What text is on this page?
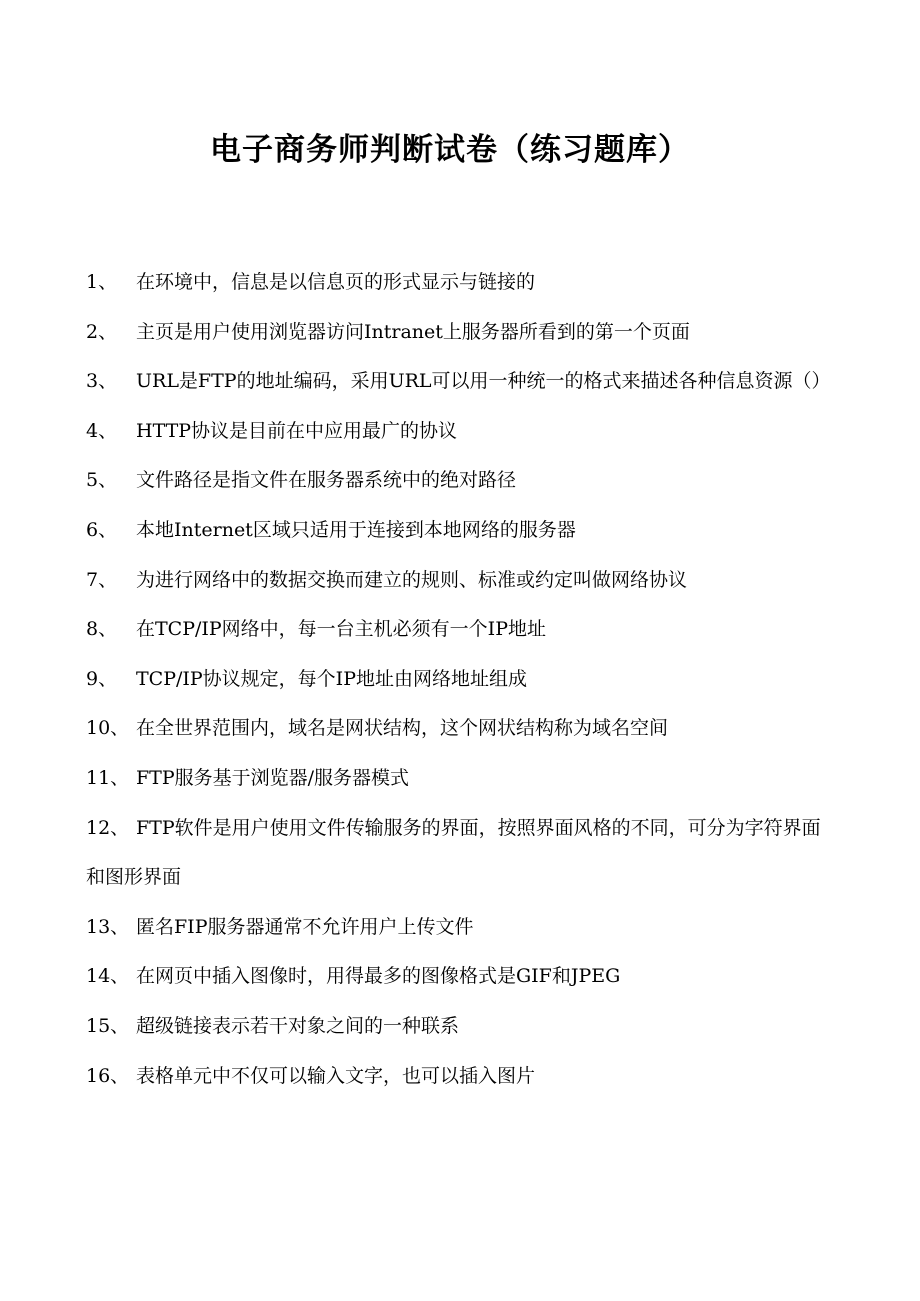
电子商务师判断试卷（练习题库）
1、 在环境中，信息是以信息页的形式显示与链接的
2、 主页是用户使用浏览器访问Intranet上服务器所看到的第一个页面
3、 URL是FTP的地址编码，采用URL可以用一种统一的格式来描述各种信息资源（）
4、 HTTP协议是目前在中应用最广的协议
5、 文件路径是指文件在服务器系统中的绝对路径
6、 本地Internet区域只适用于连接到本地网络的服务器
7、 为进行网络中的数据交换而建立的规则、标准或约定叫做网络协议
8、 在TCP/IP网络中，每一台主机必须有一个IP地址
9、 TCP/IP协议规定，每个IP地址由网络地址组成
10、 在全世界范围内，域名是网状结构，这个网状结构称为域名空间
11、 FTP服务基于浏览器/服务器模式
12、 FTP软件是用户使用文件传输服务的界面，按照界面风格的不同，可分为字符界面和图形界面
13、 匿名FIP服务器通常不允许用户上传文件
14、 在网页中插入图像时，用得最多的图像格式是GIF和JPEG
15、 超级链接表示若干对象之间的一种联系
16、 表格单元中不仅可以输入文字，也可以插入图片
